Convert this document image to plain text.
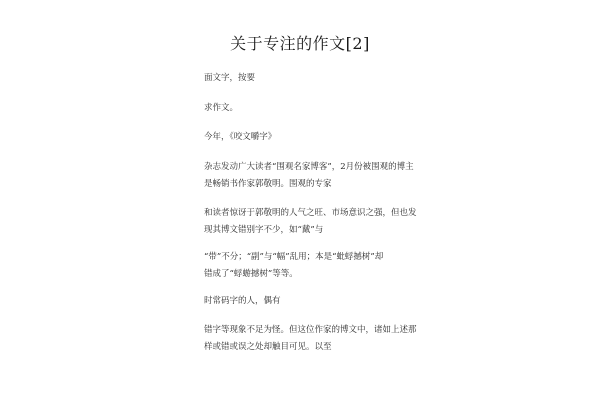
关于专注的作文[2]
面文字，按要
求作文。
今年，《咬文嚼字》
杂志发动广大读者“围观名家博客”，2月份被围观的博主
是畅销书作家郭敬明。围观的专家
和读者惊讶于郭敬明的人气之旺、市场意识之强，但也发
现其博文错别字不少，如“戴”与
“带”不分；“副”与“幅”乱用；本是“蚍蜉撼树”却
错成了“蜉蝣撼树”等等。
时常码字的人，偶有
错字等现象不足为怪。但这位作家的博文中，诸如上述那
样或错或误之处却触目可见。以至
